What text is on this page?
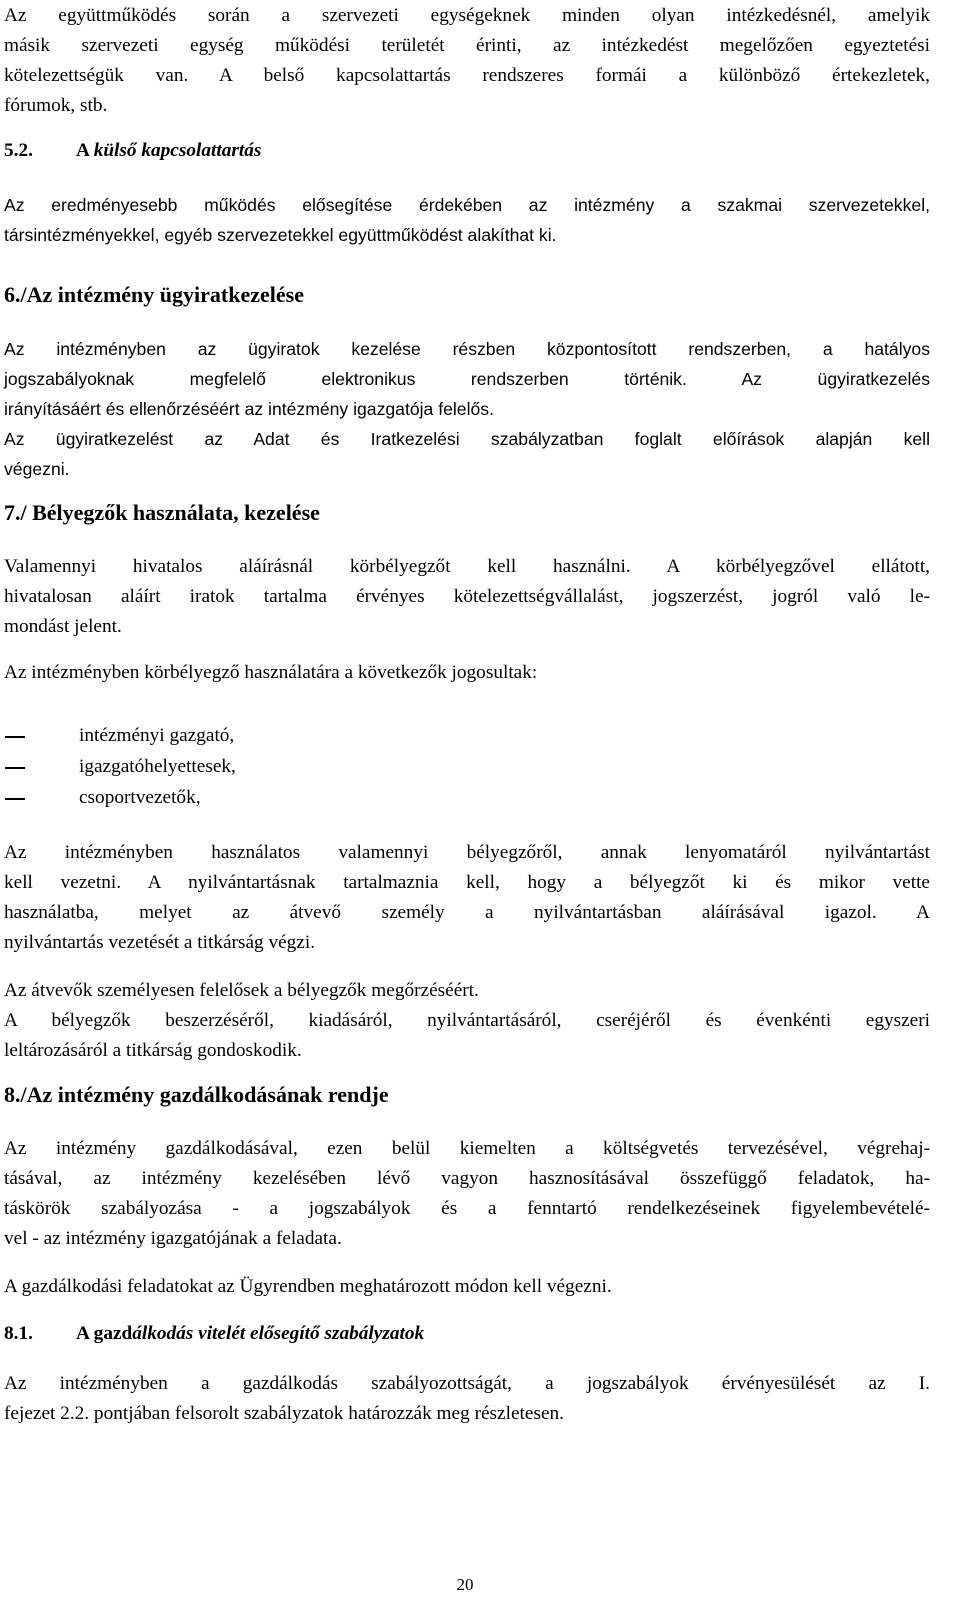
Az együttműködés során a szervezeti egységeknek minden olyan intézkedésnél, amelyik

másik szervezeti egység működési területét érinti, az intézkedést megelőzően egyeztetési

kötelezettségük van. A belső kapcsolattartás rendszeres formái a különböző értekezletek,

fórumok, stb.

5.2. A külső kapcsolattartás

Az eredményesebb működés elősegítése érdekében az intézmény a szakmai szervezetekkel,

társintézményekkel, egyéb szervezetekkel együttműködést alakíthat ki.

6./Az intézmény ügyiratkezelése

Az intézményben az ügyiratok kezelése részben központosított rendszerben, a hatályos

jogszabályoknak megfelelő elektronikus rendszerben történik. Az ügyiratkezelés

irányításáért és ellenőrzéséért az intézmény igazgatója felelős.

Az ügyiratkezelést az Adat és Iratkezelési szabályzatban foglalt előírások alapján kell

végezni.

7./ Bélyegzők használata, kezelése

Valamennyi hivatalos aláírásnál körbélyegzőt kell használni. A körbélyegzővel ellátott,

hivatalosan aláírt iratok tartalma érvényes kötelezettségvállalást, jogszerzést, jogról való le-

mondást jelent.

Az intézményben körbélyegző használatára a következők jogosultak:

intézményi gazgató,
igazgatóhelyettesek,
csoportvezetők,

Az intézményben használatos valamennyi bélyegzőről, annak lenyomatáról nyilvántartást

kell vezetni. A nyilvántartásnak tartalmaznia kell, hogy a bélyegzőt ki és mikor vette

használatba, melyet az átvevő személy a nyilvántartásban aláírásával igazol. A

nyilvántartás vezetését a titkárság végzi.

Az átvevők személyesen felelősek a bélyegzők megőrzéséért.

A bélyegzők beszerzéséről, kiadásáról, nyilvántartásáról, cseréjéről és évenkénti egyszeri

leltározásáról a titkárság gondoskodik.

8./Az intézmény gazdálkodásának rendje

Az intézmény gazdálkodásával, ezen belül kiemelten a költségvetés tervezésével, végrehaj-

tásával, az intézmény kezelésében lévő vagyon hasznosításával összefüggő feladatok, ha-

táskörök szabályozása - a jogszabályok és a fenntartó rendelkezéseinek figyelembevételé-

vel - az intézmény igazgatójának a feladata.

A gazdálkodási feladatokat az Ügyrendben meghatározott módon kell végezni.

8.1. A gazdálkodás vitelét elősegítő szabályzatok

Az intézményben a gazdálkodás szabályozottságát, a jogszabályok érvényesülését az I.

fejezet 2.2. pontjában felsorolt szabályzatok határozzák meg részletesen.

20
